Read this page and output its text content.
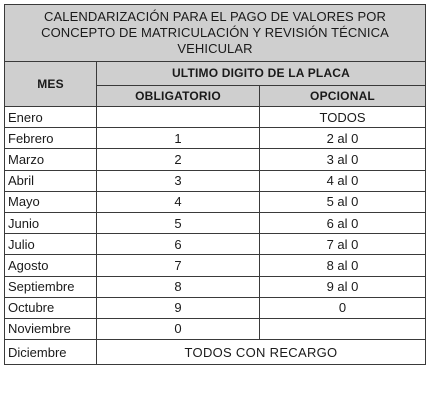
CALENDARIZACIÓN PARA EL PAGO DE VALORES POR
CONCEPTO DE MATRICULACIÓN Y REVISIÓN TÉCNICA
VEHICULAR		

MES	ULTIMO DIGITO DE LA PLACA	
	OBLIGATORIO	OPCIONAL
Enero		TODOS
Febrero	1	2 al 0
Marzo	2	3 al 0
Abril	3	4 al 0
Mayo	4	5 al 0
Junio	5	6 al 0
Julio	6	7 al 0
Agosto	7	8 al 0
Septiembre	8	9 al 0
Octubre	9	0
Noviembre	0	
Diciembre	TODOS CON RECARGO	
